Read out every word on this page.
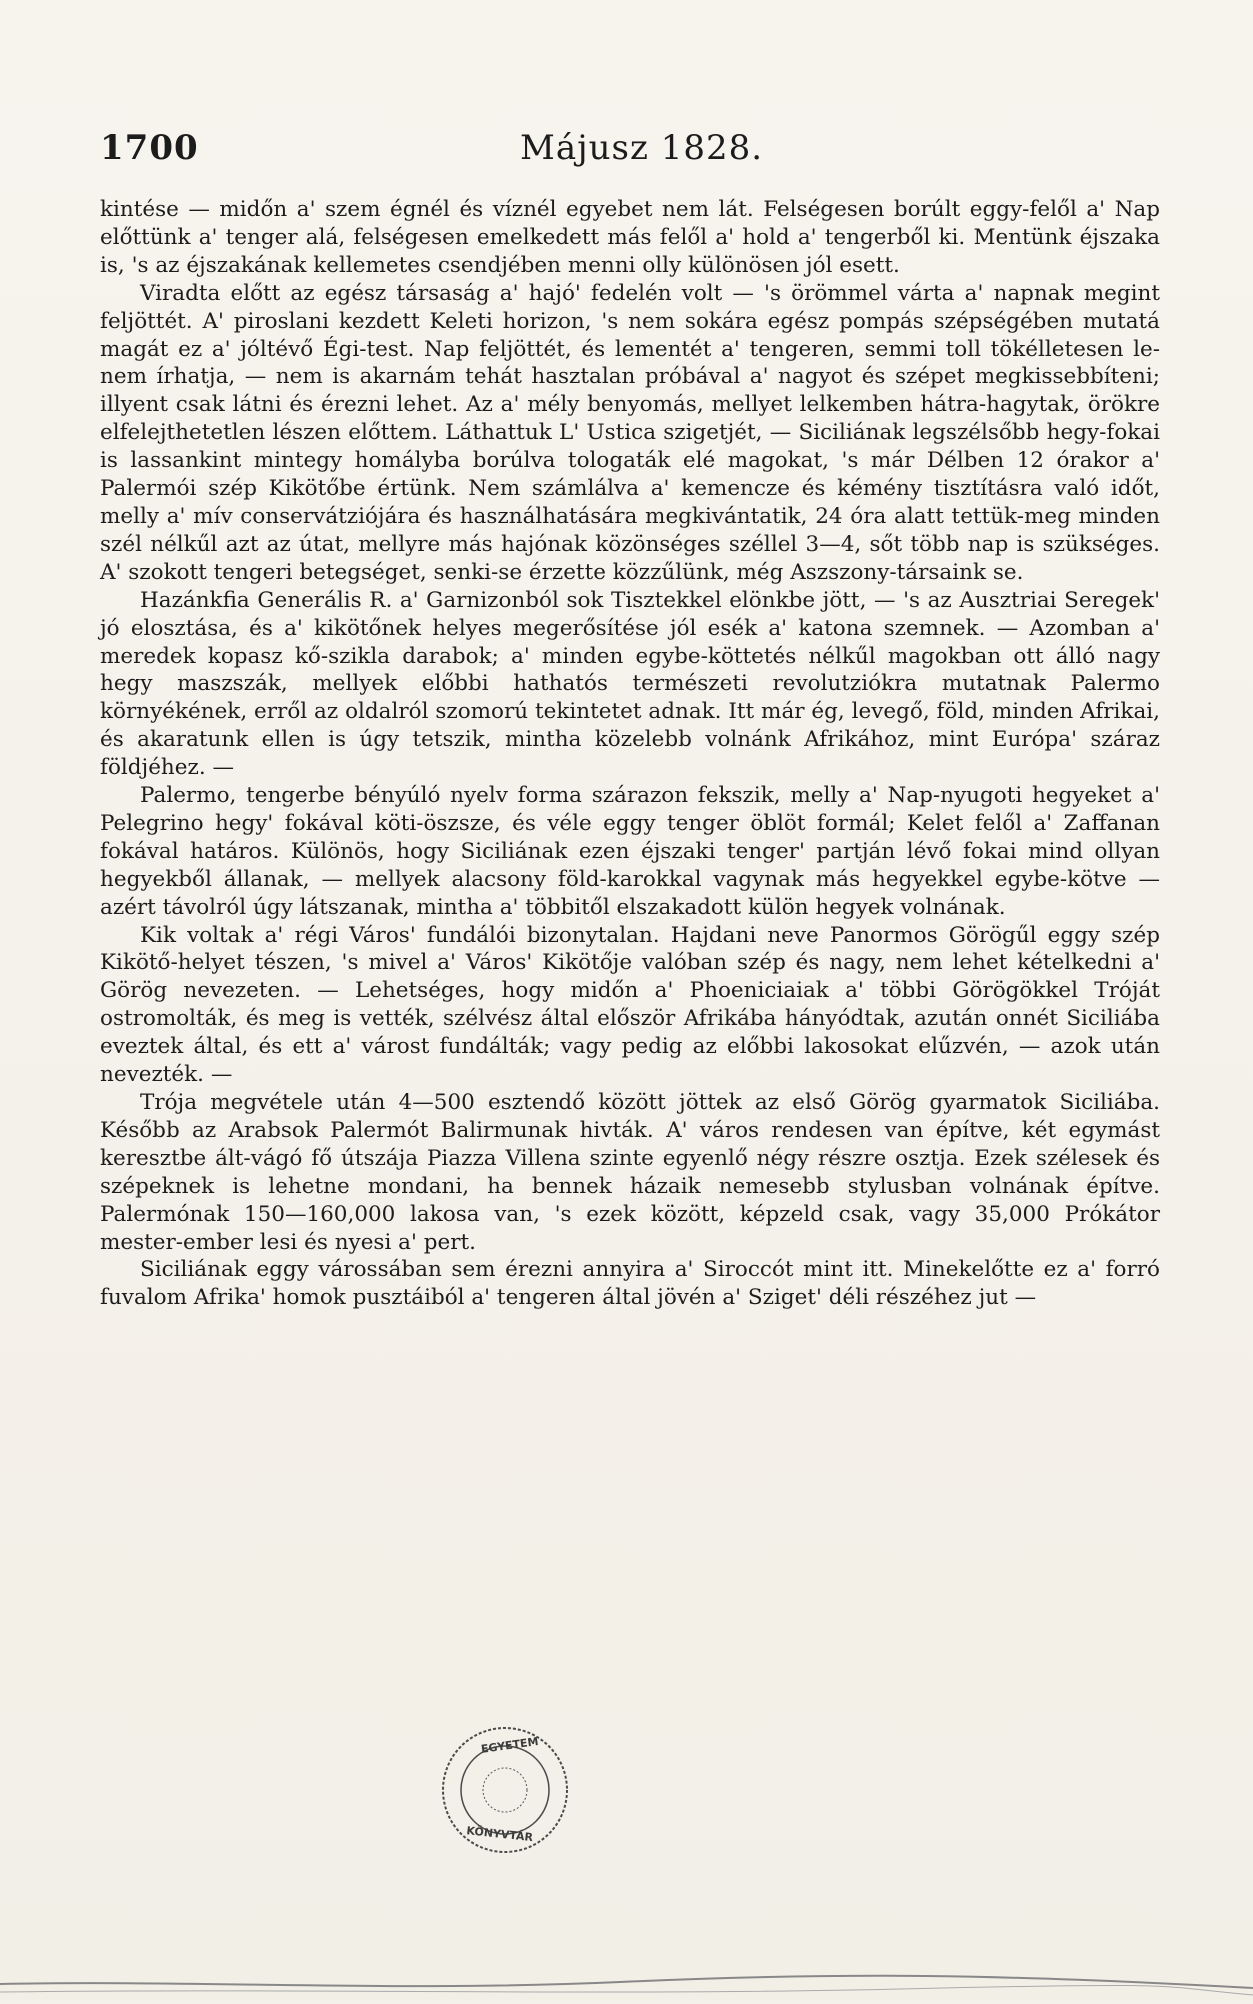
1700	Májusz 1828.

kintése — midőn a' szem égnél és víznél egyebet nem lát. Felségesen borúlt eggy-felől a' Nap előttünk a' tenger alá, felségesen emelkedett más felől a' hold a' tengerből ki. Mentünk éjszaka is, 's az éjszakának kellemetes csendjében menni olly különösen jól esett.

Viradta előtt az egész társaság a' hajó' fedelén volt — 's örömmel várta a' napnak megint feljöttét. A' piroslani kezdett Keleti horizon, 's nem sokára egész pompás szépségében mutatá magát ez a' jóltévő Égi-test. Nap feljöttét, és lementét a' tengeren, semmi toll tökélletesen le-nem írhatja, — nem is akarnám tehát hasztalan próbával a' nagyot és szépet megkissebbíteni; illyent csak látni és érezni lehet. Az a' mély benyomás, mellyet lelkemben hátra-hagytak, örökre elfelejthetetlen lészen előttem. Láthattuk L' Ustica szigetjét, — Siciliának legszélsőbb hegy-fokai is lassankint mintegy homályba borúlva tologaták elé magokat, 's már Délben 12 órakor a' Palermói szép Kikötőbe értünk. Nem számlálva a' kemencze és kémény tisztításra való időt, melly a' mív conservátziójára és használhatására megkivántatik, 24 óra alatt tettük-meg minden szél nélkűl azt az útat, mellyre más hajónak közönséges széllel 3—4, sőt több nap is szükséges. A' szokott tengeri betegséget, senki-se érzette közzűlünk, még Aszszony-társaink se.

Hazánkfia Generális R. a' Garnizonból sok Tisztekkel elönkbe jött, — 's az Ausztriai Seregek' jó elosztása, és a' kikötőnek helyes megerősítése jól esék a' katona szemnek. — Azomban a' meredek kopasz kő-szikla darabok; a' minden egybe-köttetés nélkűl magokban ott álló nagy hegy maszszák, mellyek előbbi hathatós természeti revolutziókra mutatnak Palermo környékének, erről az oldalról szomorú tekintetet adnak. Itt már ég, levegő, föld, minden Afrikai, és akaratunk ellen is úgy tetszik, mintha közelebb volnánk Afrikához, mint Európa' száraz földjéhez. —

Palermo, tengerbe bényúló nyelv forma szárazon fekszik, melly a' Nap-nyugoti hegyeket a' Pelegrino hegy' fokával köti-öszsze, és véle eggy tenger öblöt formál; Kelet felől a' Zaffanan fokával határos. Különös, hogy Siciliának ezen éjszaki tenger' partján lévő fokai mind ollyan hegyekből állanak, — mellyek alacsony föld-karokkal vagynak más hegyekkel egybe-kötve — azért távolról úgy látszanak, mintha a' többitől elszakadott külön hegyek volnának.

Kik voltak a' régi Város' fundálói bizonytalan. Hajdani neve Panormos Görögűl eggy szép Kikötő-helyet tészen, 's mivel a' Város' Kikötője valóban szép és nagy, nem lehet kételkedni a' Görög nevezeten. — Lehetséges, hogy midőn a' Phoeniciaiak a' többi Görögökkel Tróját ostromolták, és meg is vették, szélvész által először Afrikába hányódtak, azután onnét Siciliába eveztek által, és ett a' várost fundálták; vagy pedig az előbbi lakosokat elűzvén, — azok után nevezték. —

Trója megvétele után 4—500 esztendő között jöttek az első Görög gyarmatok Siciliába. Később az Arabsok Palermót Balirmunak hivták. A' város rendesen van építve, két egymást keresztbe ált-vágó fő útszája Piazza Villena szinte egyenlő négy részre osztja. Ezek szélesek és szépeknek is lehetne mondani, ha bennek házaik nemesebb stylusban volnának építve. Palermónak 150—160,000 lakosa van, 's ezek között, képzeld csak, vagy 35,000 Prókátor mester-ember lesi és nyesi a' pert.

Siciliának eggy várossában sem érezni annyira a' Siroccót mint itt. Minekelőtte ez a' forró fuvalom Afrika' homok pusztáiból a' tengeren által jövén a' Sziget' déli részéhez jut —

EGYETEM
KÖNYVTÁR
